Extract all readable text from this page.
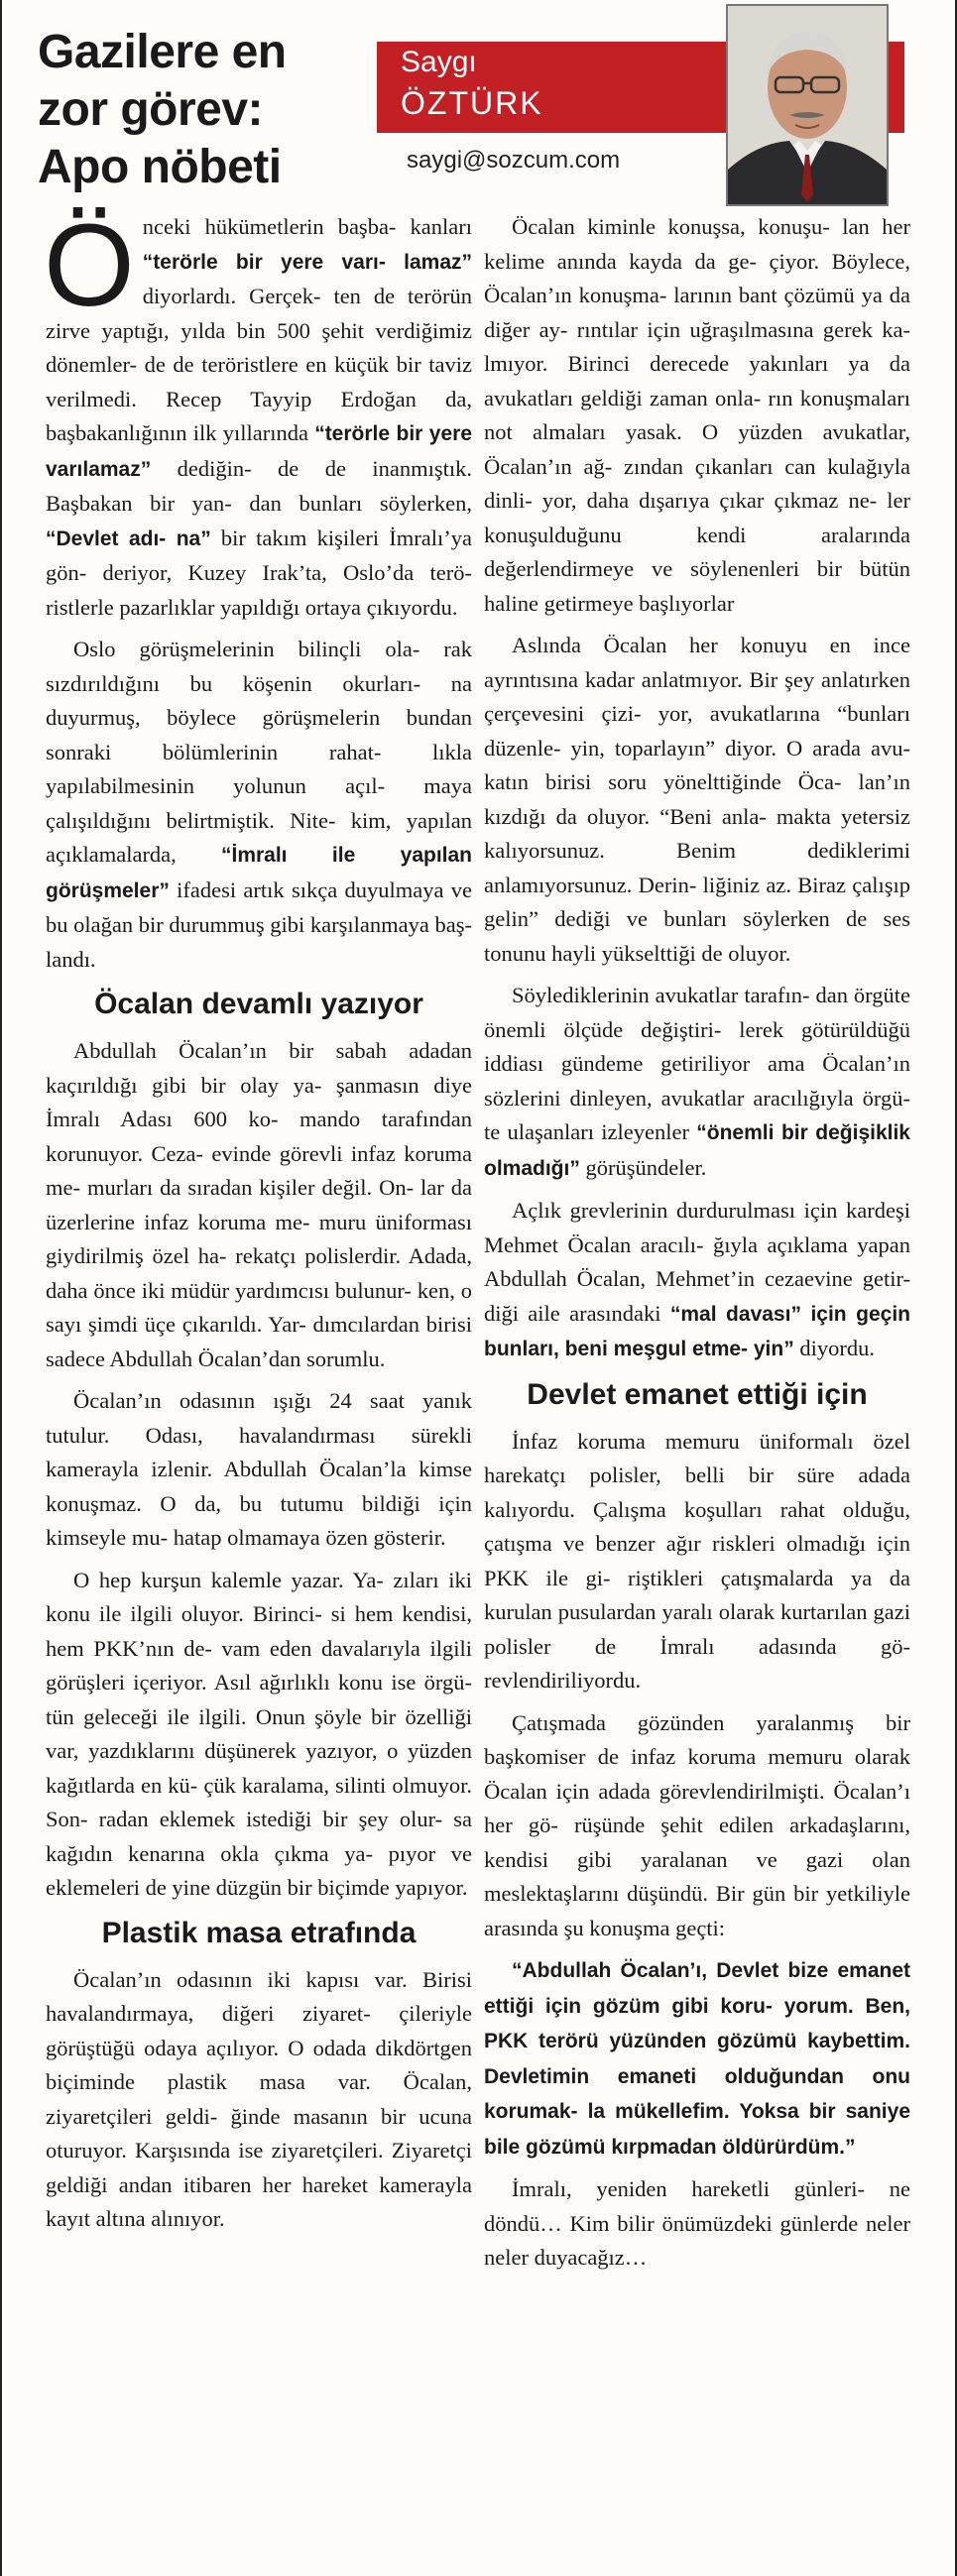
Gazilere en
zor görev:
Apo nöbeti
Saygı
ÖZTÜRK
saygi@sozcum.com

Önceki hükümetlerin başba- kanları “terörle bir yere varı- lamaz” diyorlardı. Gerçek- ten de terörün zirve yaptığı, yılda bin 500 şehit verdiğimiz dönemler- de de teröristlere en küçük bir taviz verilmedi. Recep Tayyip Erdoğan da, başbakanlığının ilk yıllarında “terörle bir yere varılamaz” dediğin- de de inanmıştık. Başbakan bir yan- dan bunları söylerken, “Devlet adı- na” bir takım kişileri İmralı’ya gön- deriyor, Kuzey Irak’ta, Oslo’da terö- ristlerle pazarlıklar yapıldığı ortaya çıkıyordu.

Oslo görüşmelerinin bilinçli ola- rak sızdırıldığını bu köşenin okurları- na duyurmuş, böylece görüşmelerin bundan sonraki bölümlerinin rahat- lıkla yapılabilmesinin yolunun açıl- maya çalışıldığını belirtmiştik. Nite- kim, yapılan açıklamalarda, “İmralı ile yapılan görüşmeler” ifadesi artık sıkça duyulmaya ve bu olağan bir durummuş gibi karşılanmaya baş- landı.

Öcalan devamlı yazıyor

Abdullah Öcalan’ın bir sabah adadan kaçırıldığı gibi bir olay ya- şanmasın diye İmralı Adası 600 ko- mando tarafından korunuyor. Ceza- evinde görevli infaz koruma me- murları da sıradan kişiler değil. On- lar da üzerlerine infaz koruma me- muru üniforması giydirilmiş özel ha- rekatçı polislerdir. Adada, daha önce iki müdür yardımcısı bulunur- ken, o sayı şimdi üçe çıkarıldı. Yar- dımcılardan birisi sadece Abdullah Öcalan’dan sorumlu.

Öcalan’ın odasının ışığı 24 saat yanık tutulur. Odası, havalandırması sürekli kamerayla izlenir. Abdullah Öcalan’la kimse konuşmaz. O da, bu tutumu bildiği için kimseyle mu- hatap olmamaya özen gösterir.

O hep kurşun kalemle yazar. Ya- zıları iki konu ile ilgili oluyor. Birinci- si hem kendisi, hem PKK’nın de- vam eden davalarıyla ilgili görüşleri içeriyor. Asıl ağırlıklı konu ise örgü- tün geleceği ile ilgili. Onun şöyle bir özelliği var, yazdıklarını düşünerek yazıyor, o yüzden kağıtlarda en kü- çük karalama, silinti olmuyor. Son- radan eklemek istediği bir şey olur- sa kağıdın kenarına okla çıkma ya- pıyor ve eklemeleri de yine düzgün bir biçimde yapıyor.

Plastik masa etrafında

Öcalan’ın odasının iki kapısı var. Birisi havalandırmaya, diğeri ziyaret- çileriyle görüştüğü odaya açılıyor. O odada dikdörtgen biçiminde plastik masa var. Öcalan, ziyaretçileri geldi- ğinde masanın bir ucuna oturuyor. Karşısında ise ziyaretçileri. Ziyaretçi geldiği andan itibaren her hareket kamerayla kayıt altına alınıyor.

Öcalan kiminle konuşsa, konuşu- lan her kelime anında kayda da ge- çiyor. Böylece, Öcalan’ın konuşma- larının bant çözümü ya da diğer ay- rıntılar için uğraşılmasına gerek ka- lmıyor. Birinci derecede yakınları ya da avukatları geldiği zaman onla- rın konuşmaları not almaları yasak. O yüzden avukatlar, Öcalan’ın ağ- zından çıkanları can kulağıyla dinli- yor, daha dışarıya çıkar çıkmaz ne- ler konuşulduğunu kendi aralarında değerlendirmeye ve söylenenleri bir bütün haline getirmeye başlıyorlar

Aslında Öcalan her konuyu en ince ayrıntısına kadar anlatmıyor. Bir şey anlatırken çerçevesini çizi- yor, avukatlarına “bunları düzenle- yin, toparlayın” diyor. O arada avu- katın birisi soru yönelttiğinde Öca- lan’ın kızdığı da oluyor. “Beni anla- makta yetersiz kalıyorsunuz. Benim dediklerimi anlamıyorsunuz. Derin- liğiniz az. Biraz çalışıp gelin” dediği ve bunları söylerken de ses tonunu hayli yükselttiği de oluyor.

Söylediklerinin avukatlar tarafın- dan örgüte önemli ölçüde değiştiri- lerek götürüldüğü iddiası gündeme getiriliyor ama Öcalan’ın sözlerini dinleyen, avukatlar aracılığıyla örgü- te ulaşanları izleyenler “önemli bir değişiklik olmadığı” görüşündeler.

Açlık grevlerinin durdurulması için kardeşi Mehmet Öcalan aracılı- ğıyla açıklama yapan Abdullah Öcalan, Mehmet’in cezaevine getir- diği aile arasındaki “mal davası” için geçin bunları, beni meşgul etme- yin” diyordu.

Devlet emanet ettiği için

İnfaz koruma memuru üniformalı özel harekatçı polisler, belli bir süre adada kalıyordu. Çalışma koşulları rahat olduğu, çatışma ve benzer ağır riskleri olmadığı için PKK ile gi- riştikleri çatışmalarda ya da kurulan pusulardan yaralı olarak kurtarılan gazi polisler de İmralı adasında gö- revlendiriliyordu.

Çatışmada gözünden yaralanmış bir başkomiser de infaz koruma memuru olarak Öcalan için adada görevlendirilmişti. Öcalan’ı her gö- rüşünde şehit edilen arkadaşlarını, kendisi gibi yaralanan ve gazi olan meslektaşlarını düşündü. Bir gün bir yetkiliyle arasında şu konuşma geçti:

“Abdullah Öcalan’ı, Devlet bize emanet ettiği için gözüm gibi koru- yorum. Ben, PKK terörü yüzünden gözümü kaybettim. Devletimin emaneti olduğundan onu korumak- la mükellefim. Yoksa bir saniye bile gözümü kırpmadan öldürürdüm.”

İmralı, yeniden hareketli günleri- ne döndü… Kim bilir önümüzdeki günlerde neler neler duyacağız…
